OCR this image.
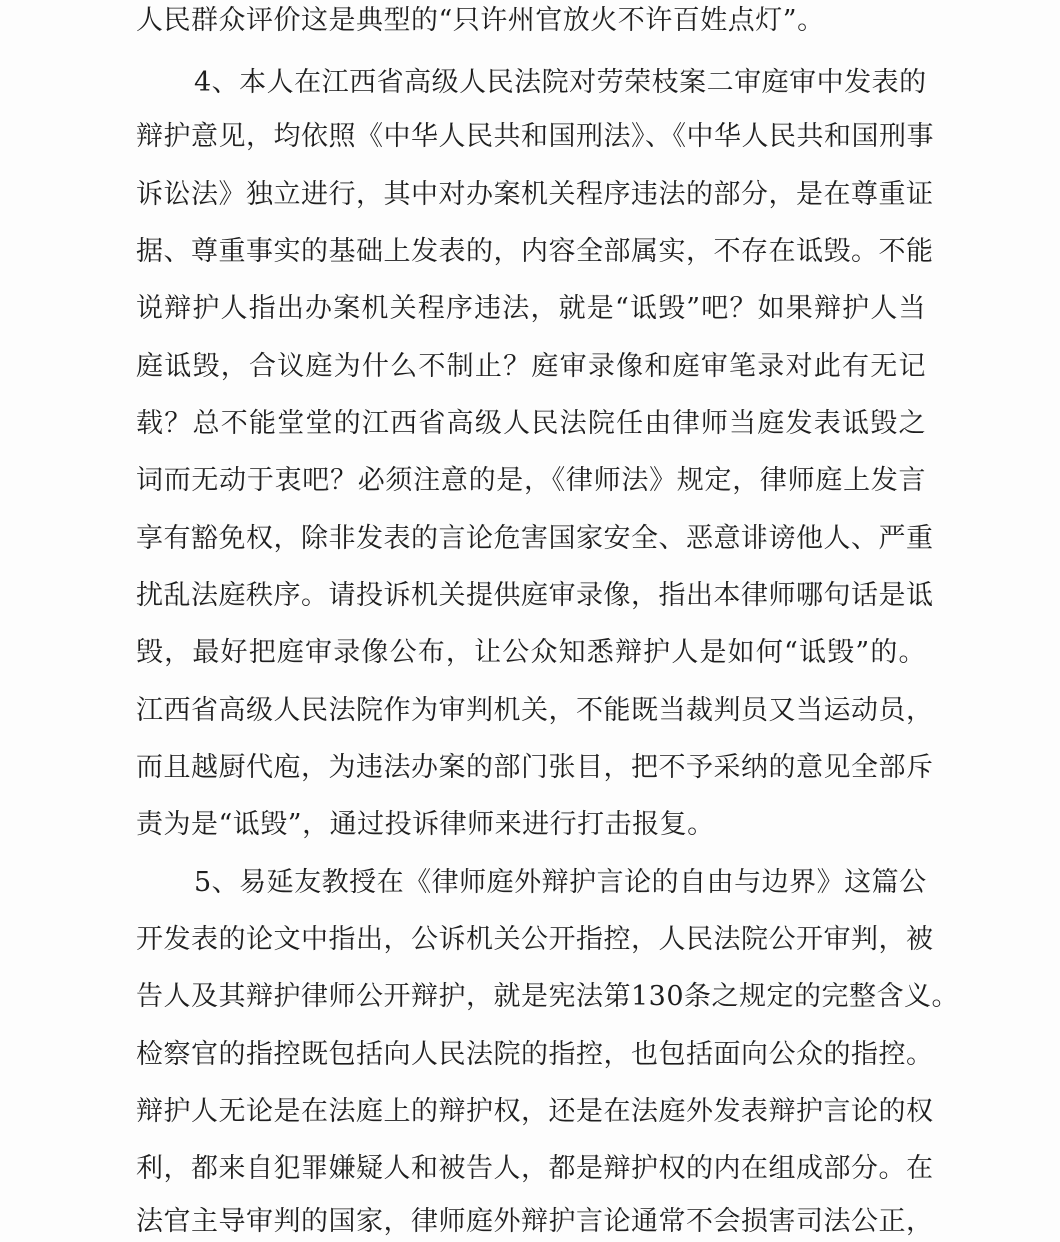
人民群众评价这是典型的“只许州官放火不许百姓点灯”。
4、本人在江西省高级人民法院对劳荣枝案二审庭审中发表的
辩护意见，均依照《中华人民共和国刑法》、《中华人民共和国刑事
诉讼法》独立进行，其中对办案机关程序违法的部分，是在尊重证
据、尊重事实的基础上发表的，内容全部属实，不存在诋毁。不能
说辩护人指出办案机关程序违法，就是“诋毁”吧？如果辩护人当
庭诋毁，合议庭为什么不制止？庭审录像和庭审笔录对此有无记
载？总不能堂堂的江西省高级人民法院任由律师当庭发表诋毁之
词而无动于衷吧？必须注意的是，《律师法》规定，律师庭上发言
享有豁免权，除非发表的言论危害国家安全、恶意诽谤他人、严重
扰乱法庭秩序。请投诉机关提供庭审录像，指出本律师哪句话是诋
毁，最好把庭审录像公布，让公众知悉辩护人是如何“诋毁”的。
江西省高级人民法院作为审判机关，不能既当裁判员又当运动员，
而且越厨代庖，为违法办案的部门张目，把不予采纳的意见全部斥
责为是“诋毁”，通过投诉律师来进行打击报复。
5、易延友教授在《律师庭外辩护言论的自由与边界》这篇公
开发表的论文中指出，公诉机关公开指控，人民法院公开审判，被
告人及其辩护律师公开辩护，就是宪法第130条之规定的完整含义。
检察官的指控既包括向人民法院的指控，也包括面向公众的指控。
辩护人无论是在法庭上的辩护权，还是在法庭外发表辩护言论的权
利，都来自犯罪嫌疑人和被告人，都是辩护权的内在组成部分。在
法官主导审判的国家，律师庭外辩护言论通常不会损害司法公正，
